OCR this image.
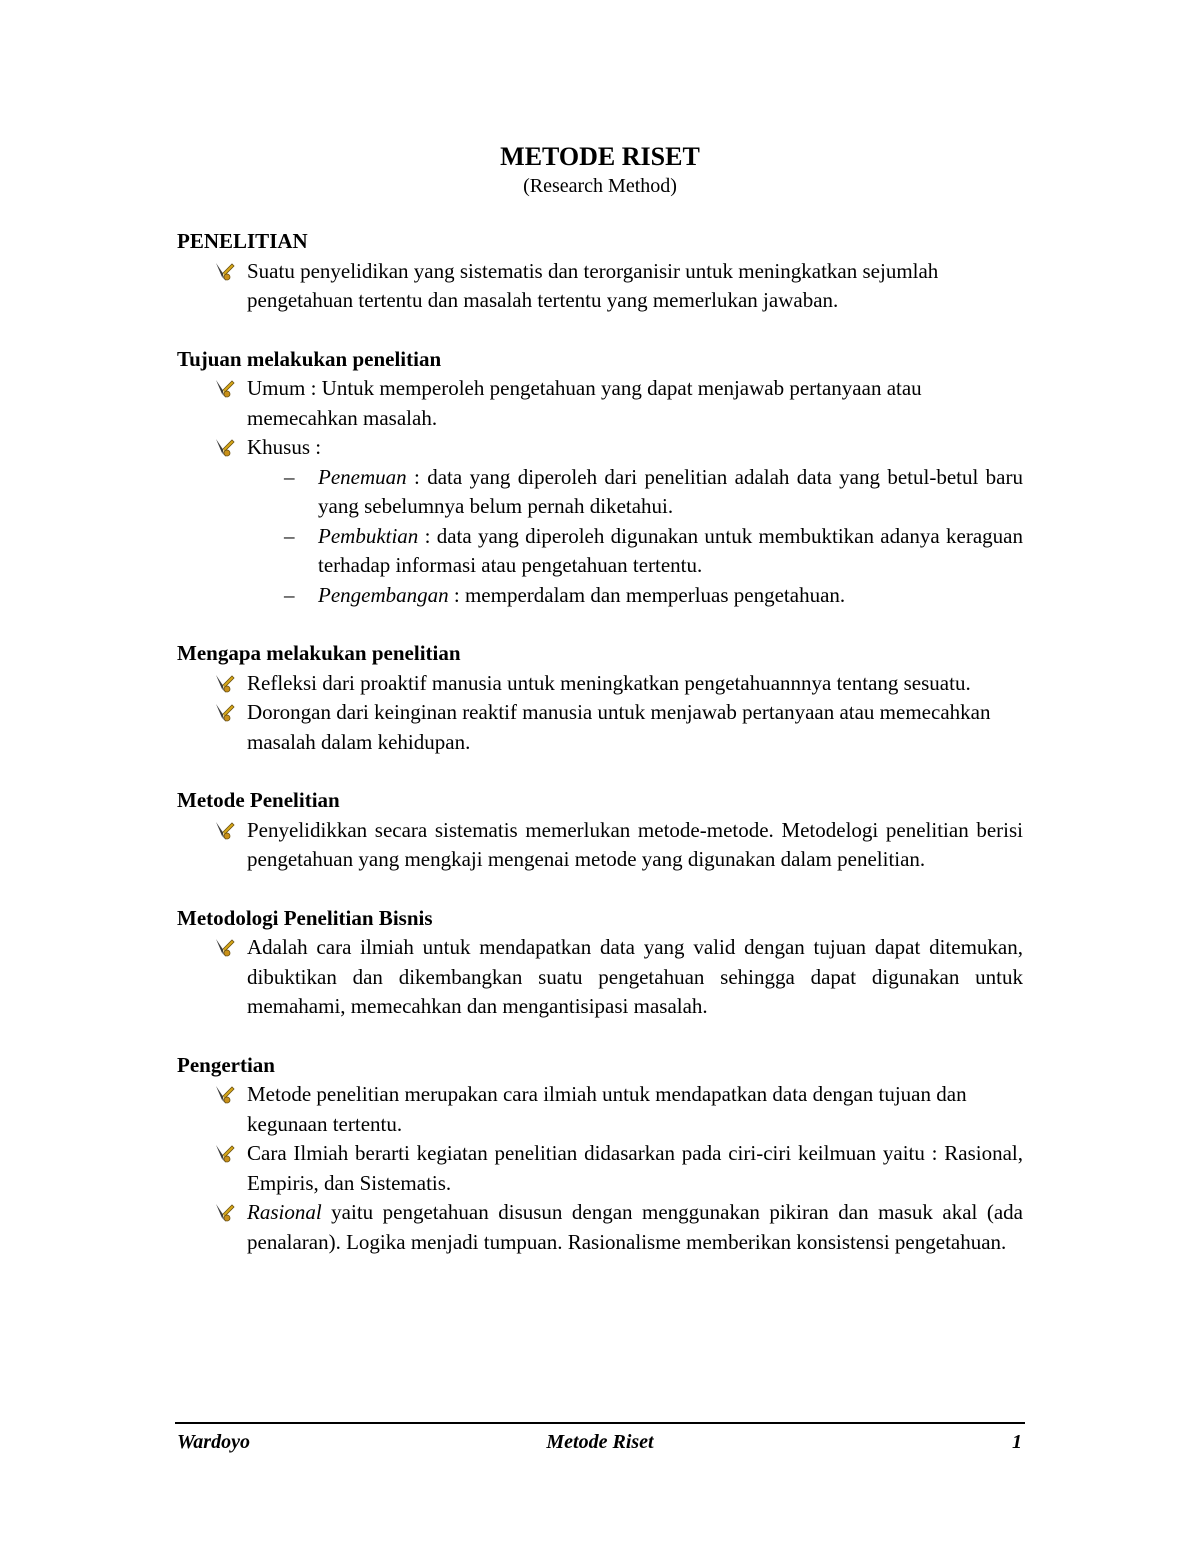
METODE RISET
(Research Method)

PENELITIAN

Suatu penyelidikan yang sistematis dan terorganisir untuk meningkatkan sejumlah pengetahuan tertentu dan masalah tertentu yang memerlukan jawaban.

Tujuan melakukan penelitian

Umum : Untuk memperoleh pengetahuan yang dapat menjawab pertanyaan atau memecahkan masalah.

Khusus :

–	Penemuan : data yang diperoleh dari penelitian adalah data yang betul-betul baru yang sebelumnya belum pernah diketahui.

–	Pembuktian : data yang diperoleh digunakan untuk membuktikan adanya keraguan terhadap informasi atau pengetahuan tertentu.

–	Pengembangan : memperdalam dan memperluas pengetahuan.

Mengapa melakukan penelitian

Refleksi dari proaktif manusia untuk meningkatkan pengetahuannnya tentang sesuatu.

Dorongan dari keinginan reaktif manusia untuk menjawab pertanyaan atau memecahkan masalah dalam kehidupan.

Metode Penelitian

Penyelidikkan secara sistematis memerlukan metode-metode. Metodelogi penelitian berisi pengetahuan yang mengkaji mengenai metode yang digunakan dalam penelitian.

Metodologi Penelitian Bisnis

Adalah cara ilmiah untuk mendapatkan data yang valid dengan tujuan dapat ditemukan, dibuktikan dan dikembangkan suatu pengetahuan sehingga dapat digunakan untuk memahami, memecahkan dan mengantisipasi masalah.

Pengertian

Metode penelitian merupakan cara ilmiah untuk mendapatkan data dengan tujuan dan kegunaan tertentu.

Cara Ilmiah berarti kegiatan penelitian didasarkan pada ciri-ciri keilmuan yaitu : Rasional, Empiris, dan Sistematis.

Rasional yaitu pengetahuan disusun dengan menggunakan pikiran dan masuk akal (ada penalaran). Logika menjadi tumpuan. Rasionalisme memberikan konsistensi pengetahuan.

Wardoyo	Metode Riset	1
